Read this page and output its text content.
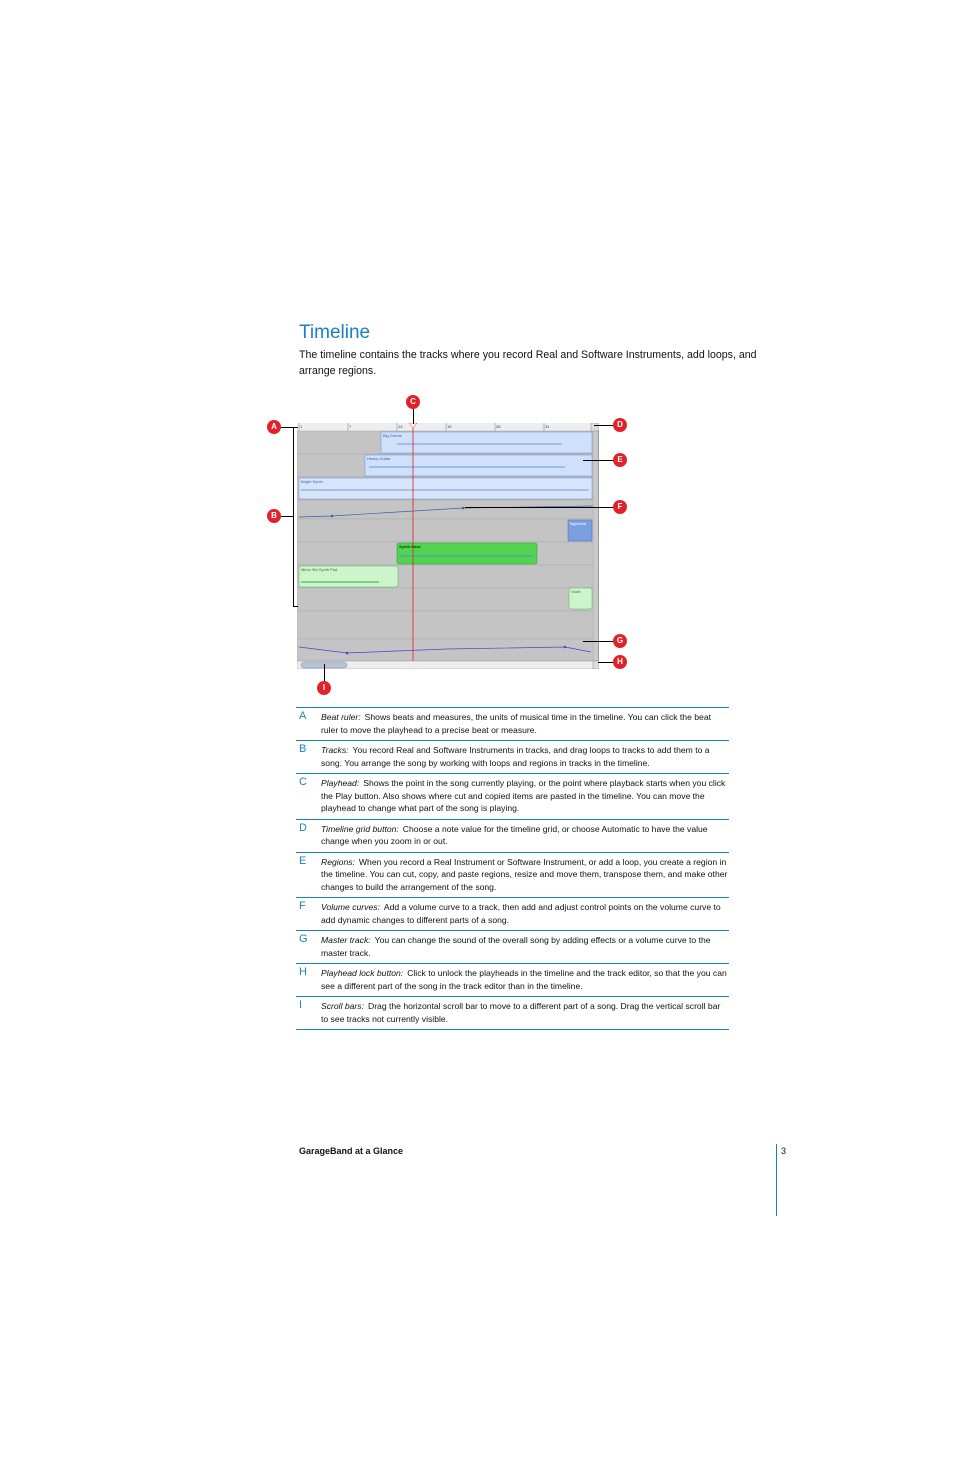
Timeline

The timeline contains the tracks where you record Real and Software Instruments, add loops, and arrange regions.

1	7	13	19	25	31
Big Drums
Heavy Guitar
Bright Synth
TagesDat
Synth Bass
Minor 9th Synth Pad
Violin
C
A	D
E
F
B
G
H
I
A	Beat ruler: Shows beats and measures, the units of musical time in the timeline. You can click the beat ruler to move the playhead to a precise beat or measure.
B	Tracks: You record Real and Software Instruments in tracks, and drag loops to tracks to add them to a song. You arrange the song by working with loops and regions in tracks in the timeline.
C	Playhead: Shows the point in the song currently playing, or the point where playback starts when you click the Play button. Also shows where cut and copied items are pasted in the timeline. You can move the playhead to change what part of the song is playing.
D	Timeline grid button: Choose a note value for the timeline grid, or choose Automatic to have the value change when you zoom in or out.
E	Regions: When you record a Real Instrument or Software Instrument, or add a loop, you create a region in the timeline. You can cut, copy, and paste regions, resize and move them, transpose them, and make other changes to build the arrangement of the song.
F	Volume curves: Add a volume curve to a track, then add and adjust control points on the volume curve to add dynamic changes to different parts of a song.
G	Master track: You can change the sound of the overall song by adding effects or a volume curve to the master track.
H	Playhead lock button: Click to unlock the playheads in the timeline and the track editor, so that the you can see a different part of the song in the track editor than in the timeline.
I	Scroll bars: Drag the horizontal scroll bar to move to a different part of a song. Drag the vertical scroll bar to see tracks not currently visible.
GarageBand at a Glance	3
